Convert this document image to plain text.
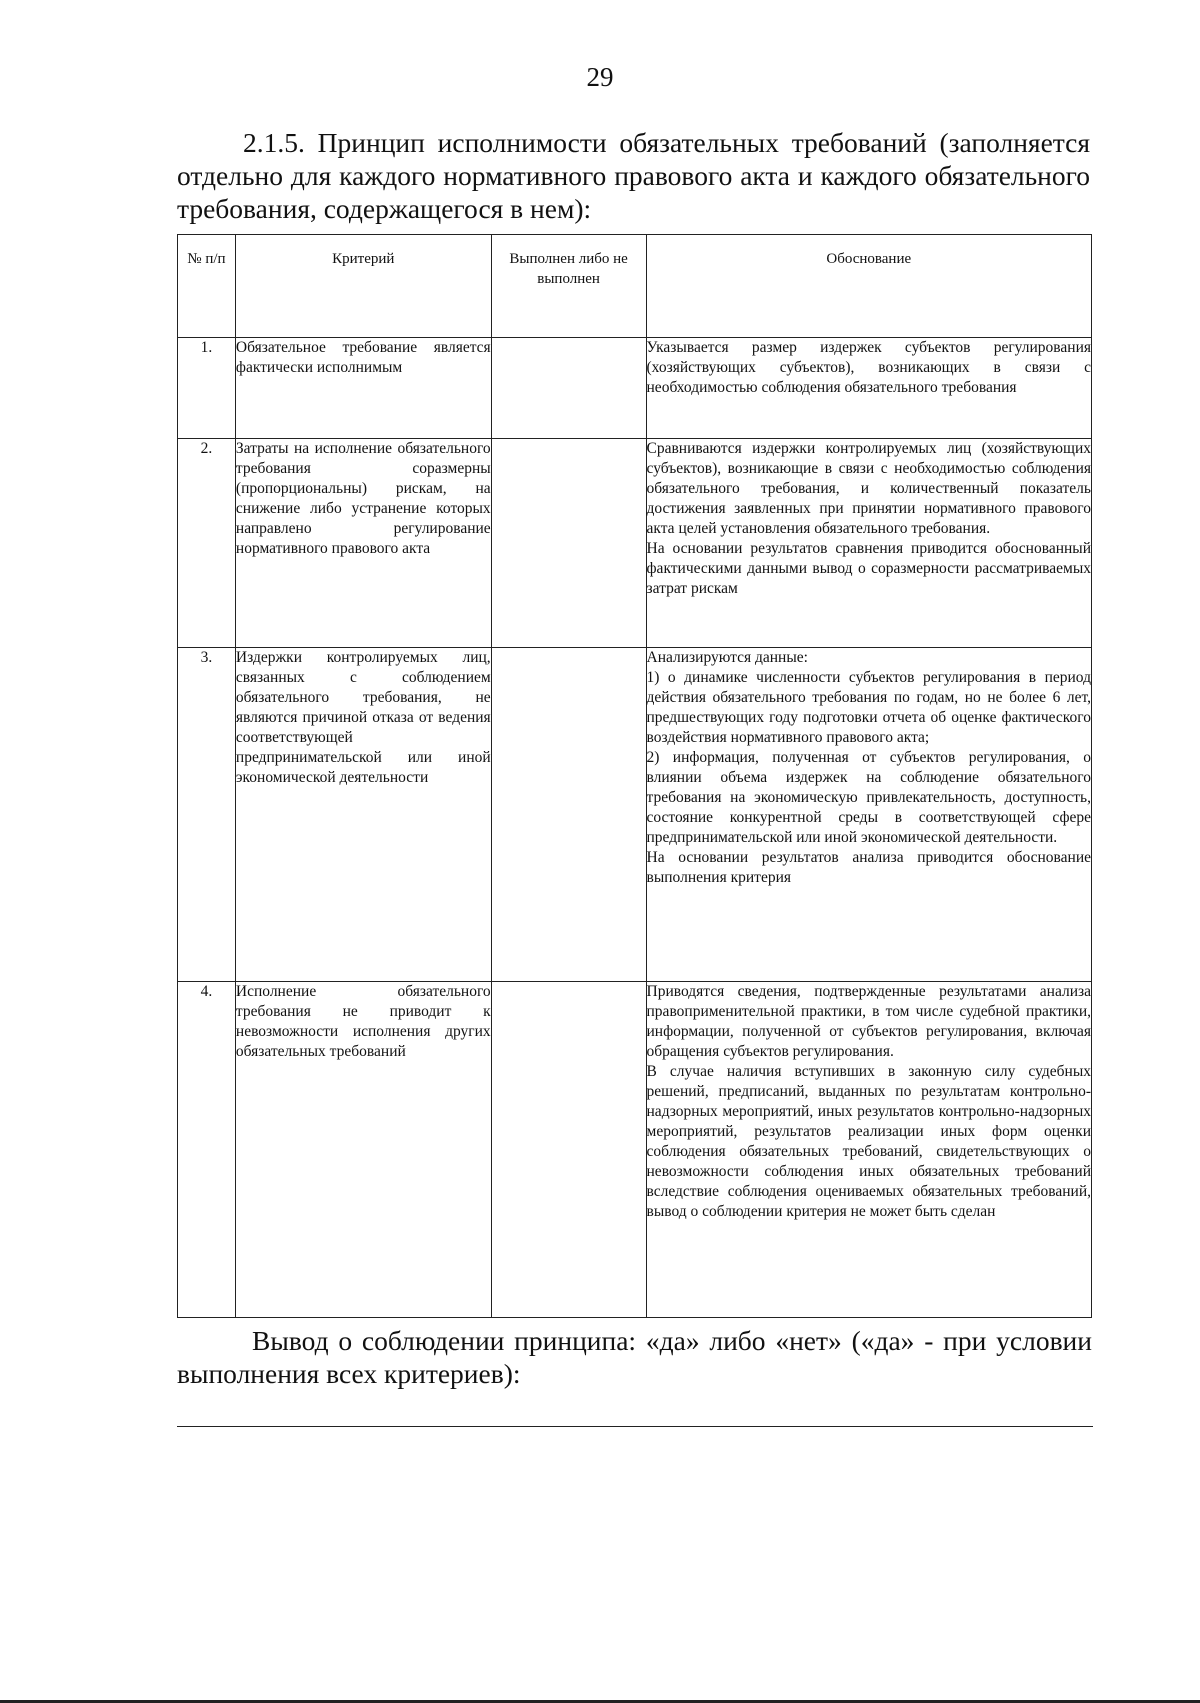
29
2.1.5. Принцип исполнимости обязательных требований (заполняется отдельно для каждого нормативного правового акта и каждого обязательного требования, содержащегося в нем):
№ п/п	Критерий	Выполнен либо не выполнен	Обоснование
1.	Обязательное требование является фактически исполнимым		Указывается размер издержек субъектов регулирования (хозяйствующих субъектов), возникающих в связи с необходимостью соблюдения обязательного требования

2.	Затраты на исполнение обязательного требования соразмерны (пропорциональны) рискам, на снижение либо устранение которых направлено регулирование нормативного правового акта		Сравниваются издержки контролируемых лиц (хозяйствующих субъектов), возникающие в связи с необходимостью соблюдения обязательного требования, и количественный показатель достижения заявленных при принятии нормативного правового акта целей установления обязательного требования.

На основании результатов сравнения приводится обоснованный фактическими данными вывод о соразмерности рассматриваемых затрат рискам

3.	Издержки контролируемых лиц, связанных с соблюдением обязательного требования, не являются причиной отказа от ведения соответствующей предпринимательской или иной экономической деятельности		Анализируются данные:

1) о динамике численности субъектов регулирования в период действия обязательного требования по годам, но не более 6 лет, предшествующих году подготовки отчета об оценке фактического воздействия нормативного правового акта;

2) информация, полученная от субъектов регулирования, о влиянии объема издержек на соблюдение обязательного требования на экономическую привлекательность, доступность, состояние конкурентной среды в соответствующей сфере предпринимательской или иной экономической деятельности.

На основании результатов анализа приводится обоснование выполнения критерия

4.	Исполнение обязательного требования не приводит к невозможности исполнения других обязательных требований		Приводятся сведения, подтвержденные результатами анализа правоприменительной практики, в том числе судебной практики, информации, полученной от субъектов регулирования, включая обращения субъектов регулирования.

В случае наличия вступивших в законную силу судебных решений, предписаний, выданных по результатам контрольно-надзорных мероприятий, иных результатов контрольно-надзорных мероприятий, результатов реализации иных форм оценки соблюдения обязательных требований, свидетельствующих о невозможности соблюдения иных обязательных требований вследствие соблюдения оцениваемых обязательных требований, вывод о соблюдении критерия не может быть сделан

Вывод о соблюдении принципа: «да» либо «нет» («да» - при условии выполнения всех критериев):
